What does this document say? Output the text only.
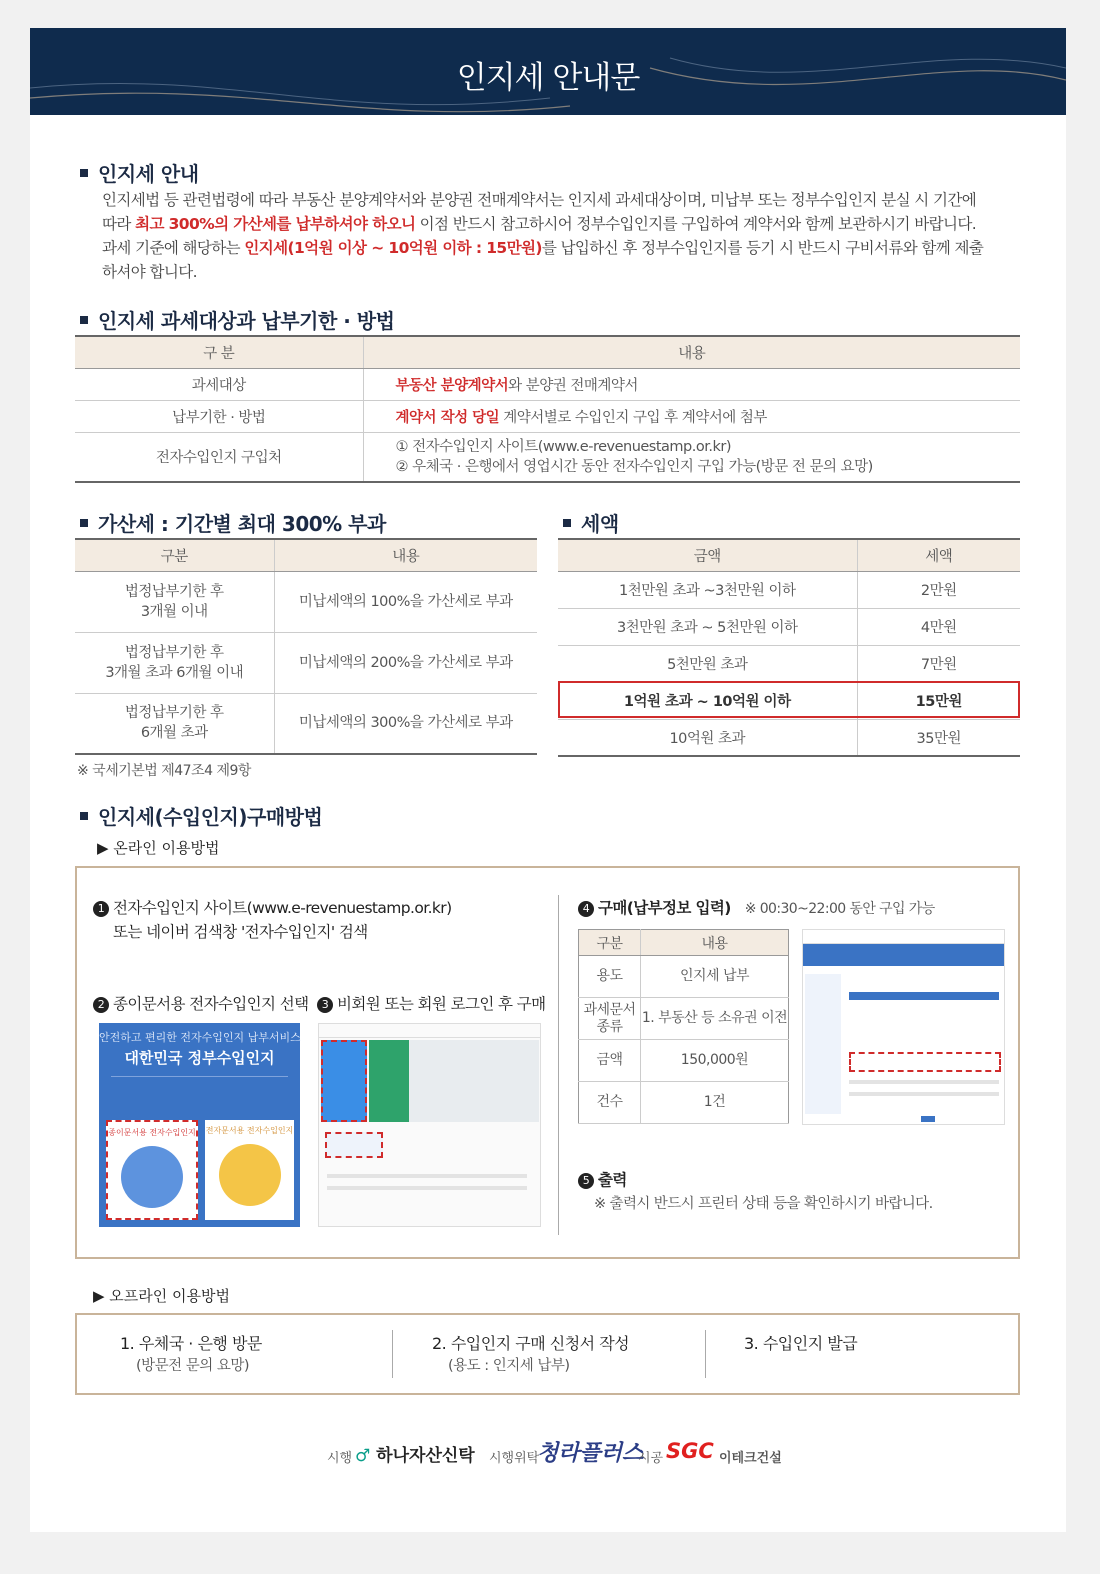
인지세 안내문
인지세 안내
인지세법 등 관련법령에 따라 부동산 분양계약서와 분양권 전매계약서는 인지세 과세대상이며, 미납부 또는 정부수입인지 분실 시 기간에
따라 최고 300%의 가산세를 납부하셔야 하오니 이점 반드시 참고하시어 정부수입인지를 구입하여 계약서와 함께 보관하시기 바랍니다.
과세 기준에 해당하는 인지세(1억원 이상 ~ 10억원 이하 : 15만원)를 납입하신 후 정부수입인지를 등기 시 반드시 구비서류와 함께 제출
하셔야 합니다.
인지세 과세대상과 납부기한 · 방법
구 분	내용
과세대상	부동산 분양계약서와 분양권 전매계약서
납부기한 · 방법	계약서 작성 당일 계약서별로 수입인지 구입 후 계약서에 첨부
전자수입인지 구입처	① 전자수입인지 사이트(www.e-revenuestamp.or.kr)
② 우체국 · 은행에서 영업시간 동안 전자수입인지 구입 가능(방문 전 문의 요망)
가산세 : 기간별 최대 300% 부과
구분	내용

법정납부기한 후
3개월 이내	미납세액의 100%을 가산세로 부과

법정납부기한 후
3개월 초과 6개월 이내	미납세액의 200%을 가산세로 부과

법정납부기한 후
6개월 초과	미납세액의 300%을 가산세로 부과
※ 국세기본법 제47조4 제9항
세액
금액	세액
1천만원 초과 ~3천만원 이하	2만원
3천만원 초과 ~ 5천만원 이하	4만원
5천만원 초과	7만원
1억원 초과 ~ 10억원 이하	15만원
10억원 초과	35만원
인지세(수입인지)구매방법
▶ 온라인 이용방법
1 전자수입인지 사이트(www.e-revenuestamp.or.kr)
또는 네이버 검색창 '전자수입인지' 검색
2 종이문서용 전자수입인지 선택	3 비회원 또는 회원 로그인 후 구매
안전하고 편리한 전자수입인지 납부서비스
대한민국 정부수입인지
종이문서용 전자수입인지 전자문서용 전자수입인지
4 구매(납부정보 입력) ※ 00:30~22:00 동안 구입 가능
구분	내용
용도	인지세 납부
과세문서 종류	1. 부동산 등 소유권 이전
금액	150,000원
건수	1건
5 출력
※ 출력시 반드시 프린터 상태 등을 확인하시기 바랍니다.
▶ 오프라인 이용방법
1. 우체국 · 은행 방문
(방문전 문의 요망)
2. 수입인지 구매 신청서 작성
(용도 : 인지세 납부)
3. 수입인지 발급
시행 ♂ 하나자산신탁 시행위탁
청라플러스
시공 SGC 이테크건설
